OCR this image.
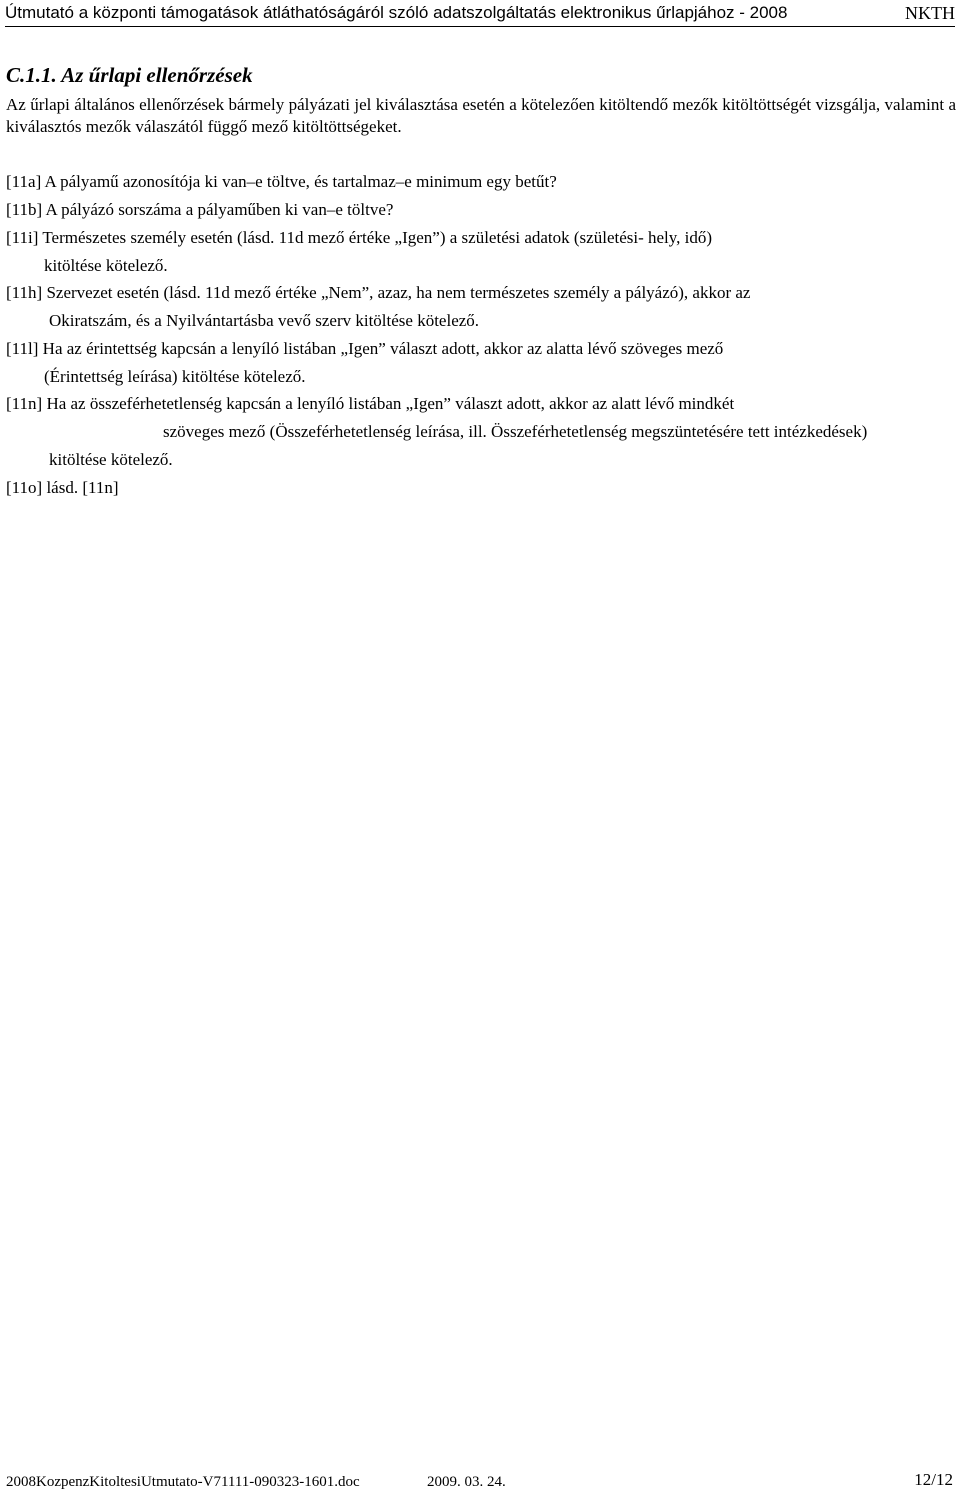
Útmutató a központi támogatások átláthatóságáról szóló adatszolgáltatás elektronikus űrlapjához - 2008	NKTH
C.1.1. Az űrlapi ellenőrzések
Az űrlapi általános ellenőrzések bármely pályázati jel kiválasztása esetén a kötelezően kitöltendő mezők kitöltöttségét vizsgálja, valamint a kiválasztós mezők válaszától függő mező kitöltöttségeket.
[11a] A pályamű azonosítója ki van–e töltve, és tartalmaz–e minimum egy betűt?
[11b] A pályázó sorszáma a pályaműben ki van–e töltve?
[11i] Természetes személy esetén (lásd. 11d mező értéke „Igen”) a születési adatok (születési- hely, idő)
kitöltése kötelező.
[11h] Szervezet esetén (lásd. 11d mező értéke „Nem”, azaz, ha nem természetes személy a pályázó), akkor az
Okiratszám, és a Nyilvántartásba vevő szerv kitöltése kötelező.
[11l] Ha az érintettség kapcsán a lenyíló listában „Igen” választ adott, akkor az alatta lévő szöveges mező
(Érintettség leírása) kitöltése kötelező.
[11n] Ha az összeférhetetlenség kapcsán a lenyíló listában „Igen” választ adott, akkor az alatt lévő mindkét
szöveges mező (Összeférhetetlenség leírása, ill. Összeférhetetlenség megszüntetésére tett intézkedések)
kitöltése kötelező.
[11o] lásd. [11n]
2008KozpenzKitoltesiUtmutato-V71111-090323-1601.doc	2009. 03. 24.	12/12
